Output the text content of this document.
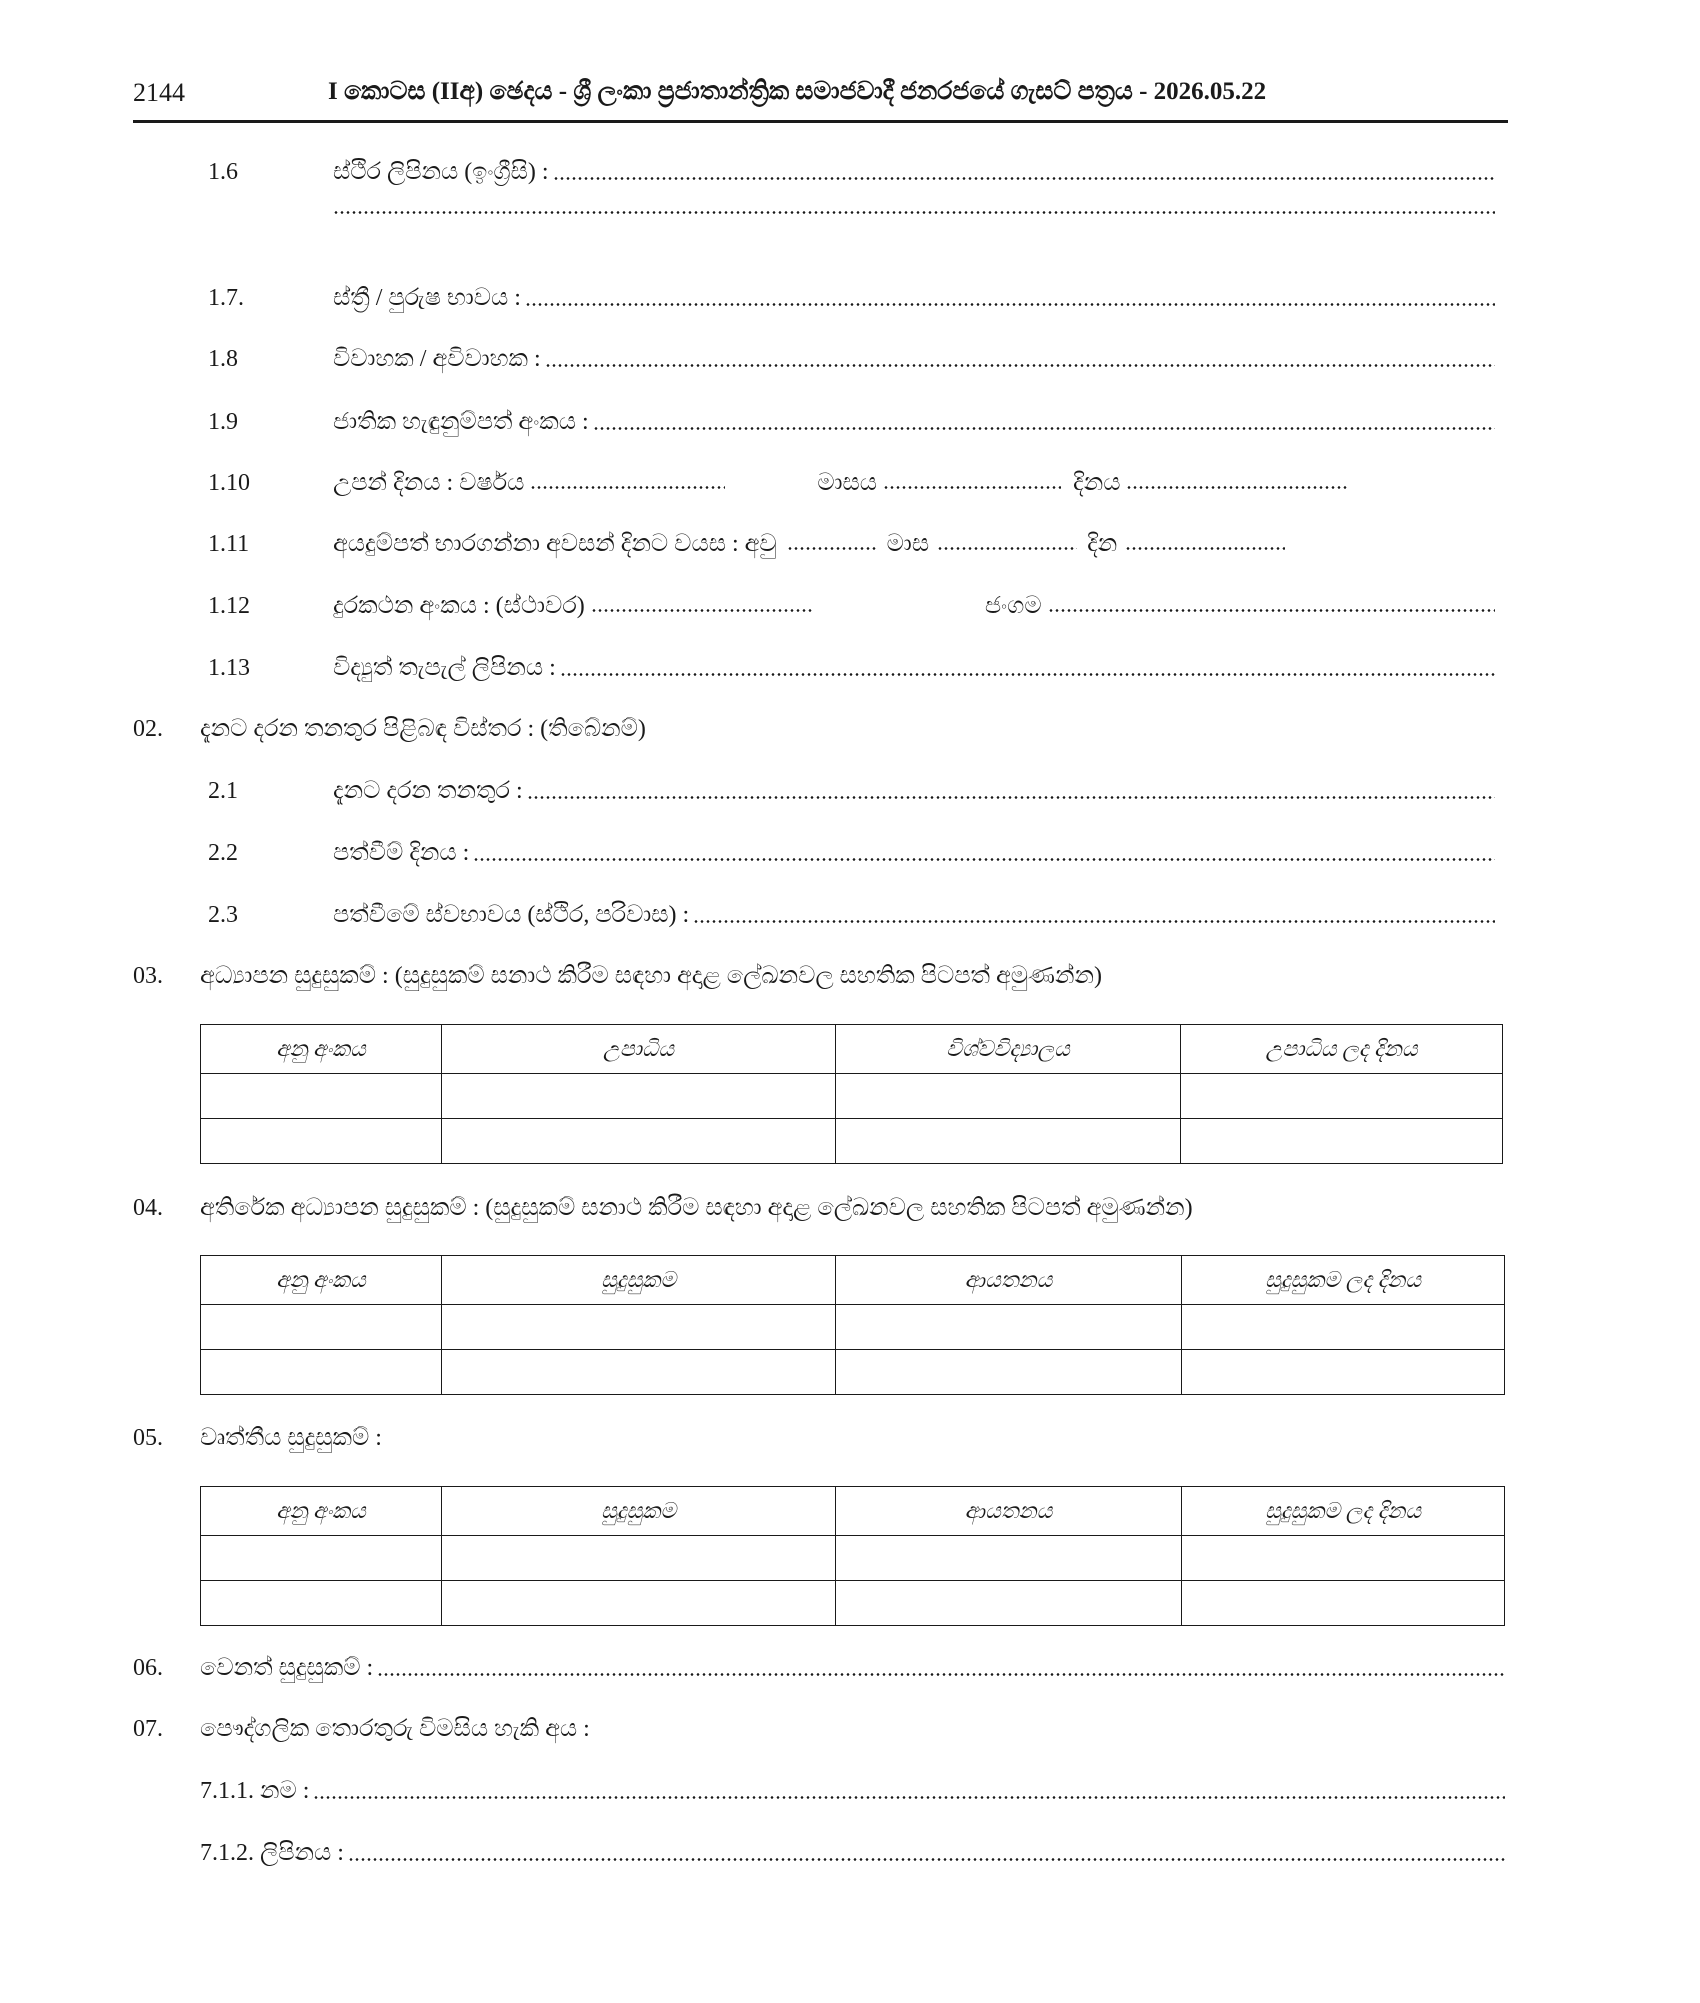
2144	I කොටස (IIඅ) ඡෙදය - ශ්‍රී ලංකා ප්‍රජාතාන්ත්‍රික සමාජවාදී ජනරජයේ ගැසට් පත්‍රය - 2026.05.22
1.6	ස්ථිර ලිපිනය (ඉංග්‍රීසි) :
1.7.	ස්ත්‍රී / පුරුෂ භාවය :
1.8	විවාහක / අවිවාහක :
1.9	ජාතික හැඳුනුම්පත් අංකය :
1.10	උපන් දිනය : වර්ෂය	මාසය	දිනය
1.11	අයදුම්පත් භාරගන්නා අවසන් දිනට වයස : අවු	මාස	දින
1.12	දුරකථන අංකය : (ස්ථාවර)	ජංගම
1.13	විද්‍යුත් තැපැල් ලිපිනය :
02. දැනට දරන තනතුර පිළිබඳ විස්තර : (තිබේනම්)
2.1	දැනට දරන තනතුර :
2.2	පත්වීම් දිනය :
2.3	පත්වීමේ ස්වභාවය (ස්ථිර, පරිවාස) :
03. අධ්‍යාපන සුදුසුකම් : (සුදුසුකම් සනාථ කිරීම සඳහා අදාළ ලේඛනවල සහතික පිටපත් අමුණන්න)
අනු අංකය	උපාධිය	විශ්වවිද්‍යාලය	උපාධිය ලද දිනය

04. අතිරේක අධ්‍යාපන සුදුසුකම් : (සුදුසුකම් සනාථ කිරීම සඳහා අදාළ ලේඛනවල සහතික පිටපත් අමුණන්න)
අනු අංකය	සුදුසුකම	ආයතනය	සුදුසුකම ලද දිනය

05. වෘත්තීය සුදුසුකම් :
අනු අංකය	සුදුසුකම	ආයතනය	සුදුසුකම ලද දිනය

06. වෙනත් සුදුසුකම් :
07. පෞද්ගලික තොරතුරු විමසිය හැකි අය :
7.1.1. නම :
7.1.2. ලිපිනය :
